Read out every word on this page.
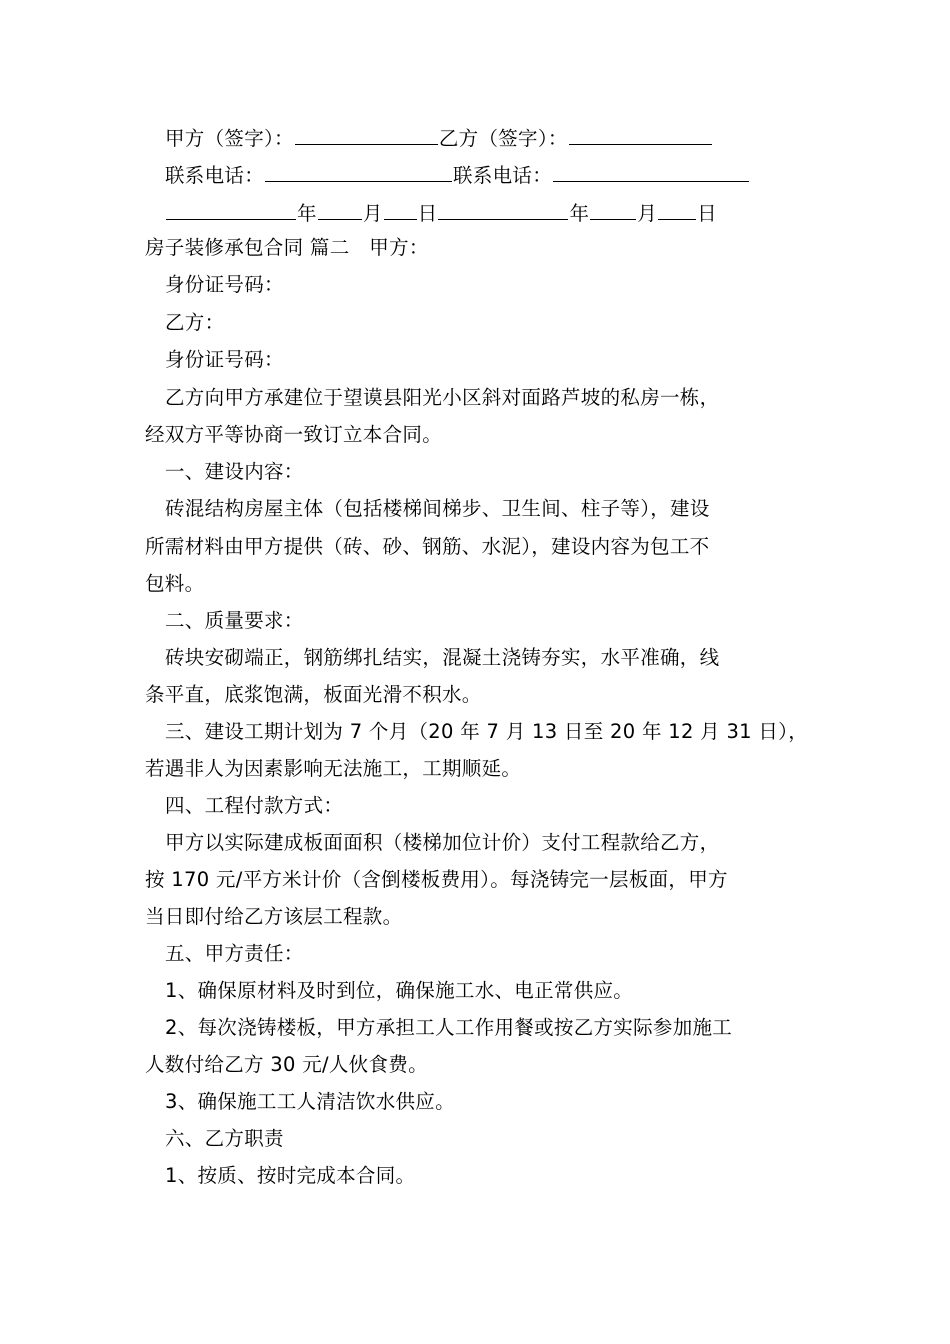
甲方（签字）：	乙方（签字）：
联系电话：	联系电话：
年 月 日	年 月 日
房子装修承包合同 篇二　甲方：
身份证号码：
乙方：
身份证号码：
乙方向甲方承建位于望谟县阳光小区斜对面路芦坡的私房一栋，
经双方平等协商一致订立本合同。
一、建设内容：
砖混结构房屋主体（包括楼梯间梯步、卫生间、柱子等），建设
所需材料由甲方提供（砖、砂、钢筋、水泥），建设内容为包工不
包料。
二、质量要求：
砖块安砌端正，钢筋绑扎结实，混凝土浇铸夯实，水平准确，线
条平直，底浆饱满，板面光滑不积水。
三、建设工期计划为 7 个月（20 年 7 月 13 日至 20 年 12 月 31 日），
若遇非人为因素影响无法施工，工期顺延。
四、工程付款方式：
甲方以实际建成板面面积（楼梯加位计价）支付工程款给乙方，
按 170 元/平方米计价（含倒楼板费用）。每浇铸完一层板面，甲方
当日即付给乙方该层工程款。
五、甲方责任：
1、确保原材料及时到位，确保施工水、电正常供应。
2、每次浇铸楼板，甲方承担工人工作用餐或按乙方实际参加施工
人数付给乙方 30 元/人伙食费。
3、确保施工工人清洁饮水供应。
六、乙方职责
1、按质、按时完成本合同。
